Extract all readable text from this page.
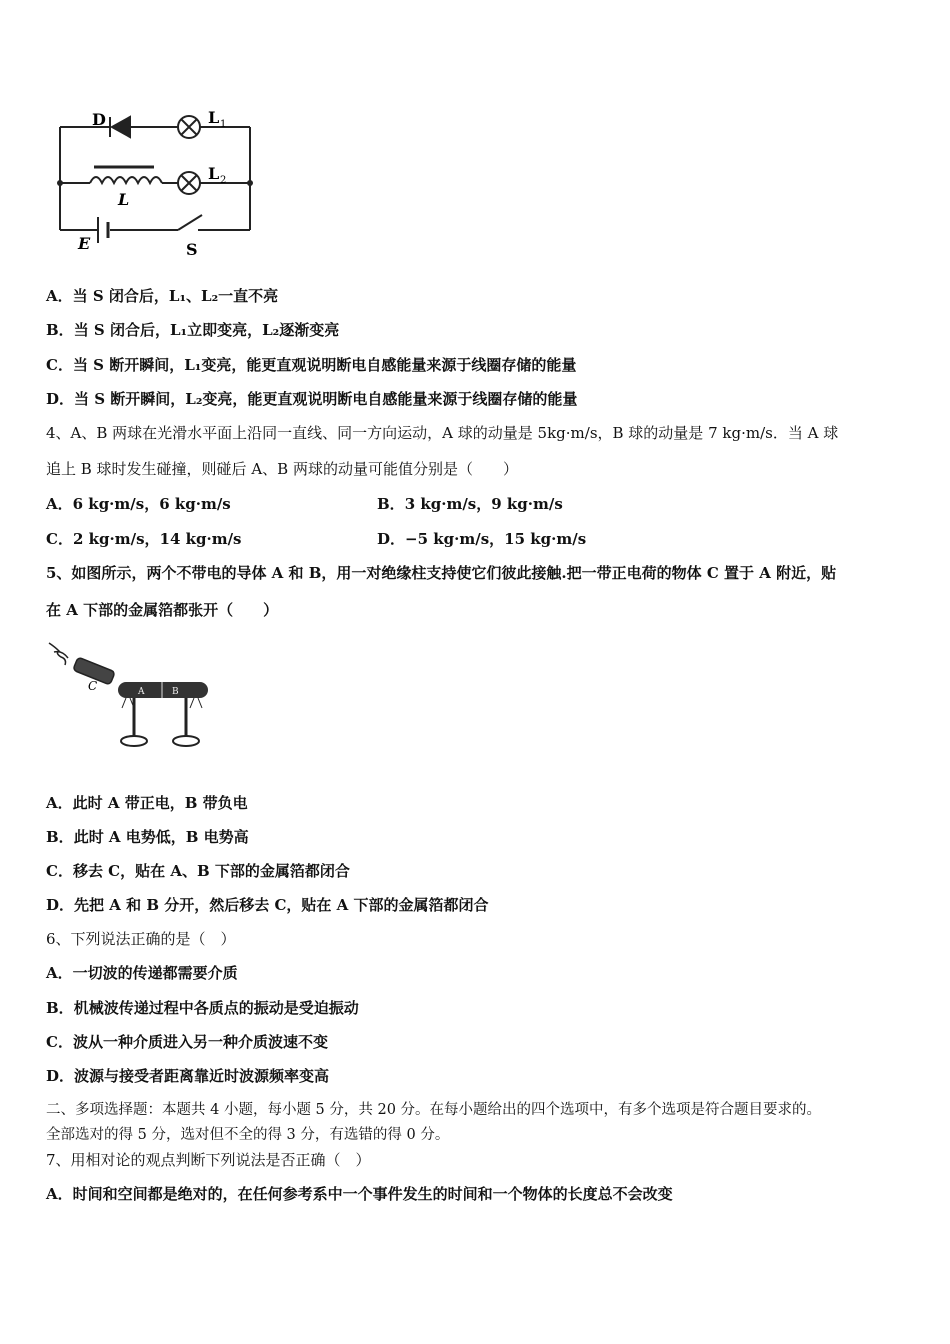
D	L 1
L 2
L
E	S
A．当 S 闭合后，L₁、L₂一直不亮
B．当 S 闭合后，L₁立即变亮，L₂逐渐变亮
C．当 S 断开瞬间，L₁变亮，能更直观说明断电自感能量来源于线圈存储的能量
D．当 S 断开瞬间，L₂变亮，能更直观说明断电自感能量来源于线圈存储的能量
4、A、B 两球在光滑水平面上沿同一直线、同一方向运动，A 球的动量是 5kg·m/s，B 球的动量是 7 kg·m/s．当 A 球
追上 B 球时发生碰撞，则碰后 A、B 两球的动量可能值分别是（　　）
A．6 kg·m/s，6 kg·m/s	B．3 kg·m/s，9 kg·m/s
C．2 kg·m/s，14 kg·m/s	D．−5 kg·m/s，15 kg·m/s
5、如图所示，两个不带电的导体 A 和 B，用一对绝缘柱支持使它们彼此接触.把一带正电荷的物体 C 置于 A 附近，贴
在 A 下部的金属箔都张开（　　）
C	A	B
A．此时 A 带正电，B 带负电
B．此时 A 电势低，B 电势高
C．移去 C，贴在 A、B 下部的金属箔都闭合
D．先把 A 和 B 分开，然后移去 C，贴在 A 下部的金属箔都闭合
6、下列说法正确的是（　）
A．一切波的传递都需要介质
B．机械波传递过程中各质点的振动是受迫振动
C．波从一种介质进入另一种介质波速不变
D．波源与接受者距离靠近时波源频率变高
二、多项选择题：本题共 4 小题，每小题 5 分，共 20 分。在每小题给出的四个选项中，有多个选项是符合题目要求的。
全部选对的得 5 分，选对但不全的得 3 分，有选错的得 0 分。
7、用相对论的观点判断下列说法是否正确（　）
A．时间和空间都是绝对的，在任何参考系中一个事件发生的时间和一个物体的长度总不会改变
